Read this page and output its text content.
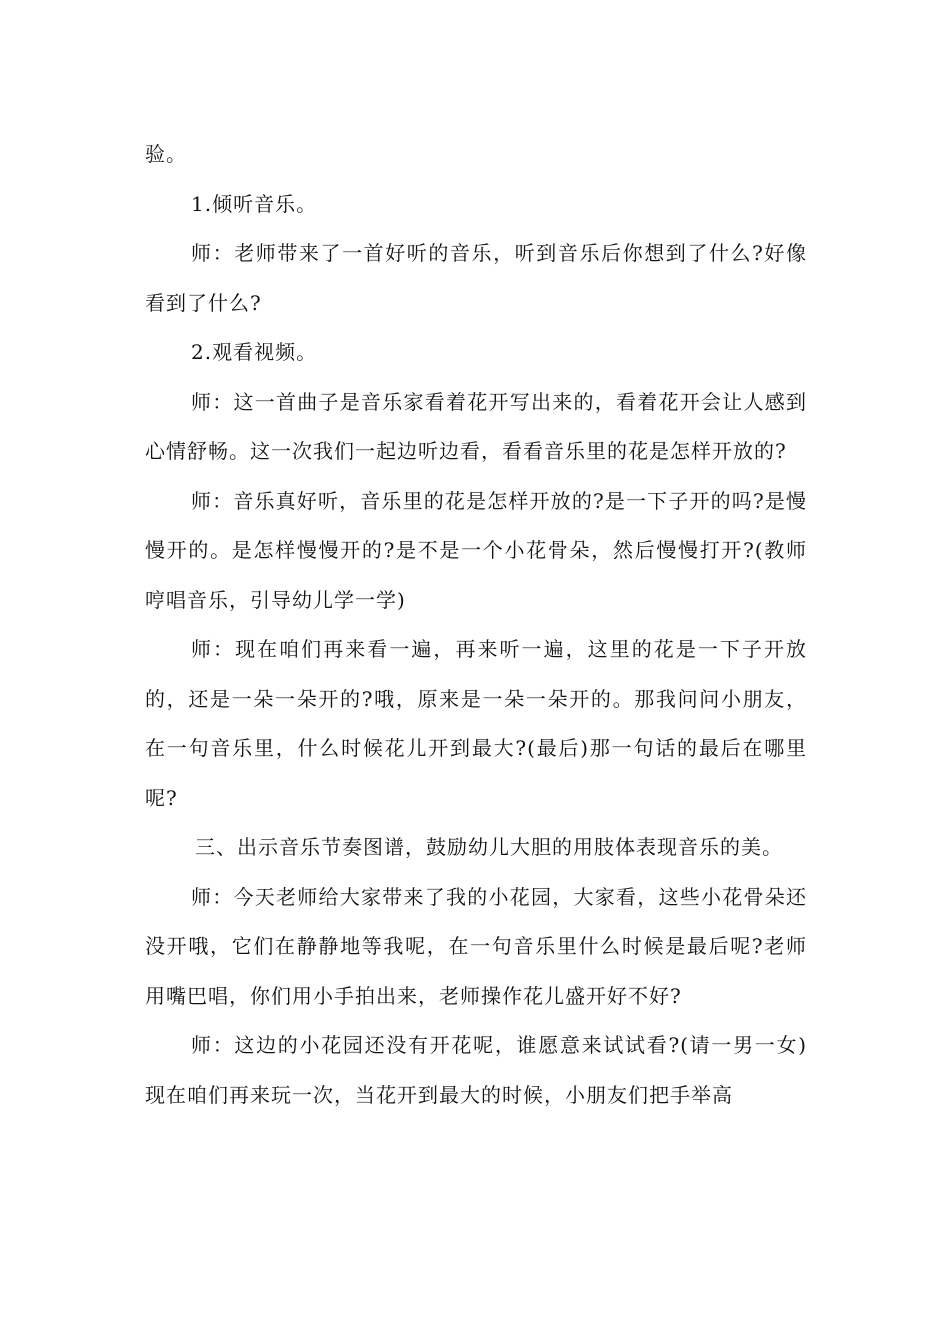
验。

1.倾听音乐。

师：老师带来了一首好听的音乐，听到音乐后你想到了什么?好像看到了什么?

2.观看视频。

师：这一首曲子是音乐家看着花开写出来的，看着花开会让人感到心情舒畅。这一次我们一起边听边看，看看音乐里的花是怎样开放的?

师：音乐真好听，音乐里的花是怎样开放的?是一下子开的吗?是慢慢开的。是怎样慢慢开的?是不是一个小花骨朵，然后慢慢打开?(教师哼唱音乐，引导幼儿学一学)

师：现在咱们再来看一遍，再来听一遍，这里的花是一下子开放的，还是一朵一朵开的?哦，原来是一朵一朵开的。那我问问小朋友，在一句音乐里，什么时候花儿开到最大?(最后)那一句话的最后在哪里呢?

三、出示音乐节奏图谱，鼓励幼儿大胆的用肢体表现音乐的美。

师：今天老师给大家带来了我的小花园，大家看，这些小花骨朵还没开哦，它们在静静地等我呢，在一句音乐里什么时候是最后呢?老师用嘴巴唱，你们用小手拍出来，老师操作花儿盛开好不好?

师：这边的小花园还没有开花呢，谁愿意来试试看?(请一男一女)现在咱们再来玩一次，当花开到最大的时候，小朋友们把手举高
